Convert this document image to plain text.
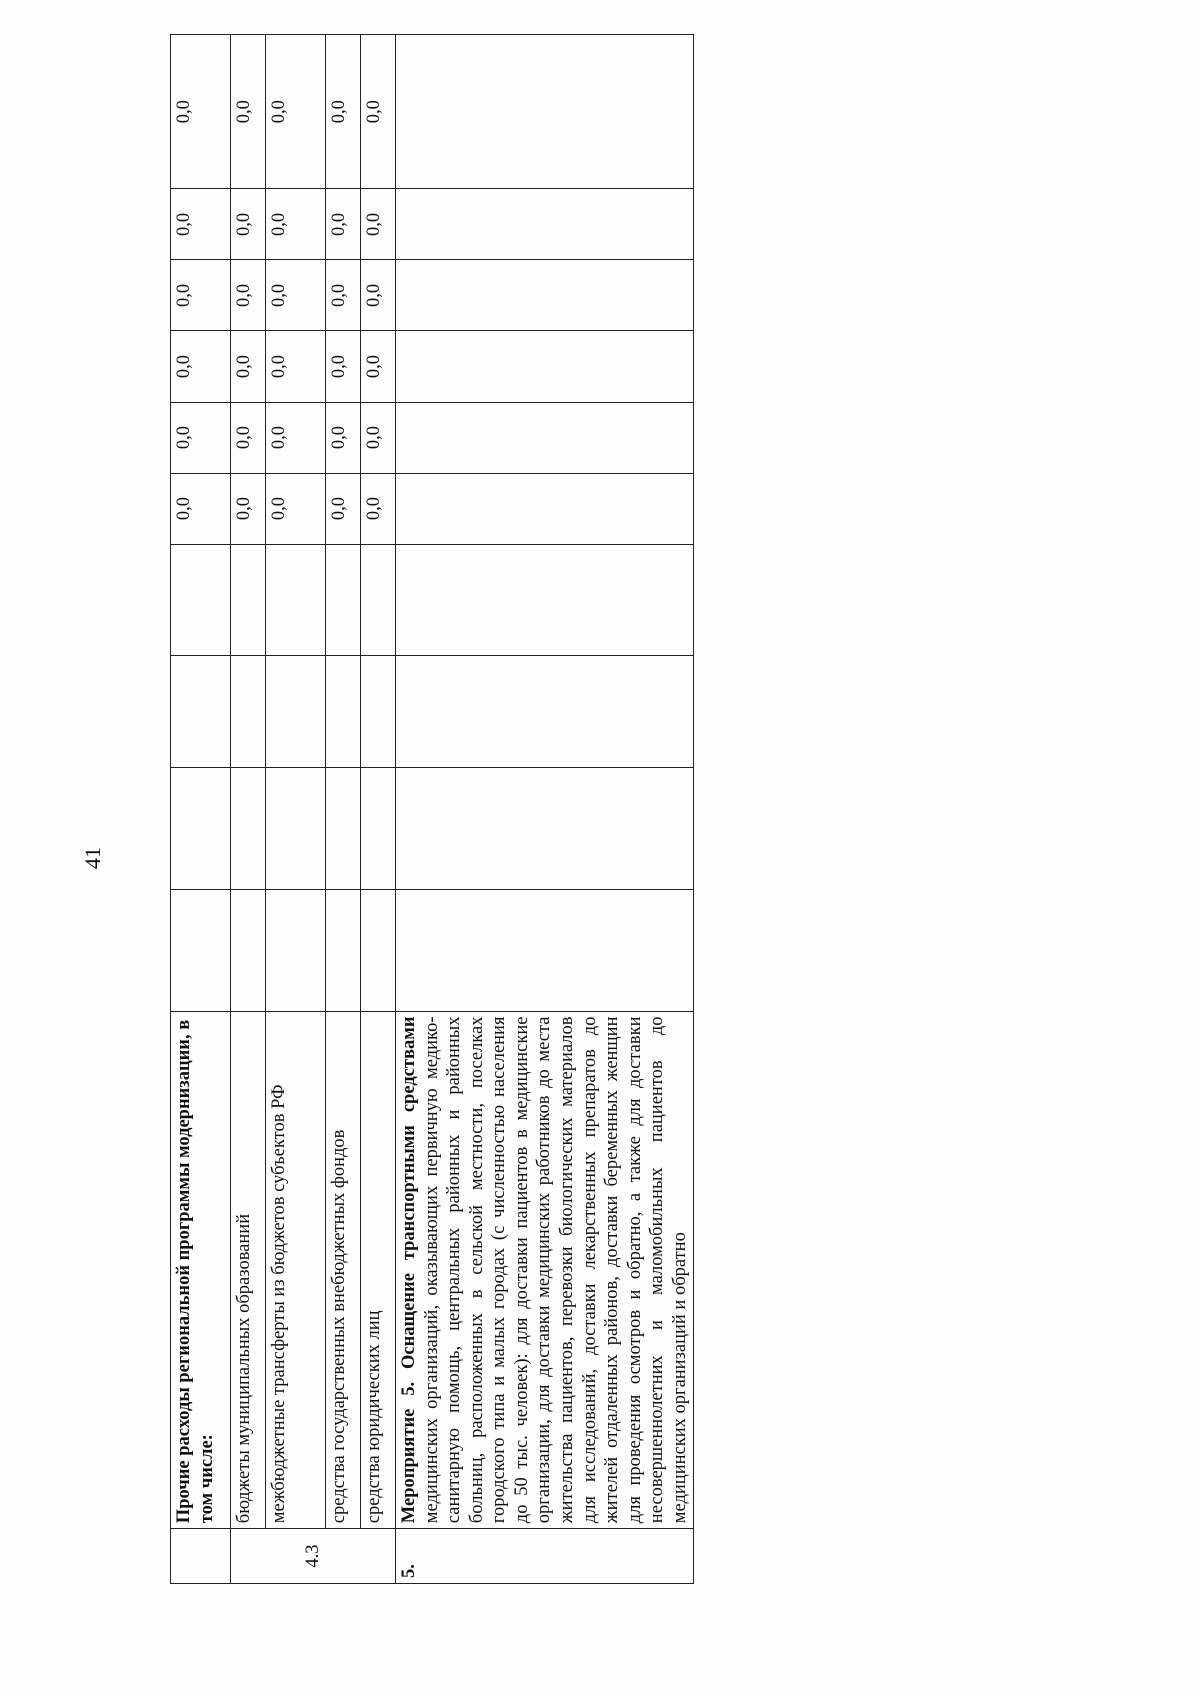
41
	Прочие расходы региональной программы модернизации, в том числе:					0,0	0,0	0,0	0,0	0,0	0,0
4.3	бюджеты муниципальных образований					0,0	0,0	0,0	0,0	0,0	0,0
	межбюджетные трансферты из бюджетов субъектов РФ					0,0	0,0	0,0	0,0	0,0	0,0
	средства государственных внебюджетных фондов					0,0	0,0	0,0	0,0	0,0	0,0
	средства юридических лиц					0,0	0,0	0,0	0,0	0,0	0,0
5.	Мероприятие 5. Оснащение транспортными средствами медицинских организаций, оказывающих первичную медико-санитарную помощь, центральных районных и районных больниц, расположенных в сельской местности, поселках городского типа и малых городах (с численностью населения до 50 тыс. человек): для доставки пациентов в медицинские организации, для доставки медицинских работников до места жительства пациентов, перевозки биологических материалов для исследований, доставки лекарственных препаратов до жителей отдаленных районов, доставки беременных женщин для проведения осмотров и обратно, а также для доставки несовершеннолетних и маломобильных пациентов до медицинских организаций и обратно										
